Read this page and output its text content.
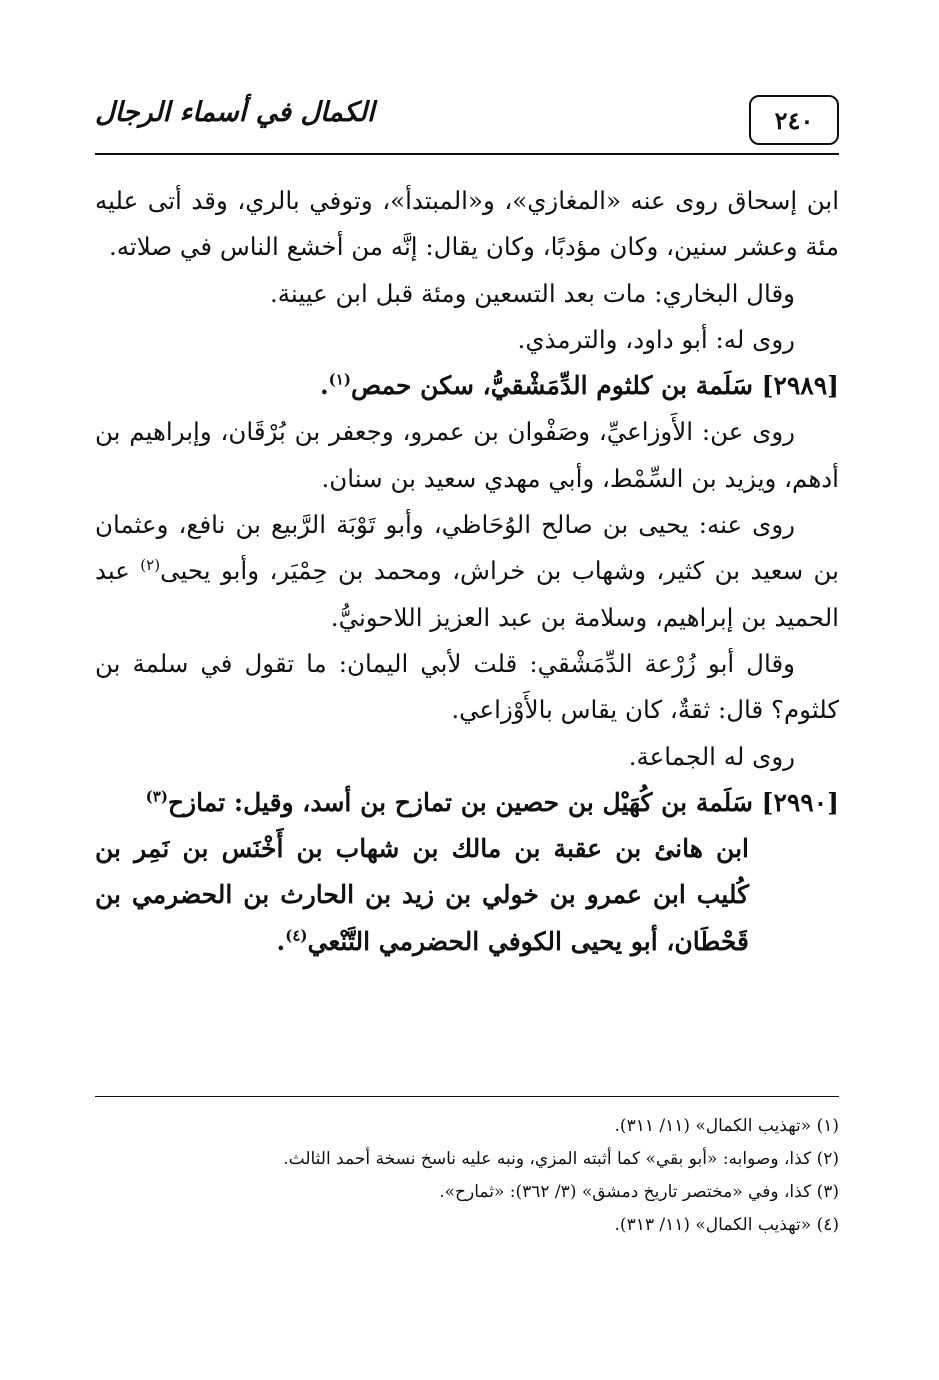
٢٤٠
الكمال في أسماء الرجال

ابن إسحاق روى عنه «المغازي»، و«المبتدأ»، وتوفي بالري، وقد أتى عليه مئة وعشر سنين، وكان مؤدبًا، وكان يقال: إنَّه من أخشع الناس في صلاته.

وقال البخاري: مات بعد التسعين ومئة قبل ابن عيينة.

روى له: أبو داود، والترمذي.

[٢٩٨٩] سَلَمة بن كلثوم الدِّمَشْقيُّ، سكن حمص$^{(١)}$.

روى عن: الأَوزاعيِّ، وصَفْوان بن عمرو، وجعفر بن بُرْقَان، وإبراهيم بن أدهم، ويزيد بن السِّمْط، وأبي مهدي سعيد بن سنان.

روى عنه: يحيى بن صالح الوُحَاظي، وأبو تَوْبَة الرَّبيع بن نافع، وعثمان بن سعيد بن كثير، وشهاب بن خراش، ومحمد بن حِمْيَر، وأبو يحيى$^{(٢)}$ عبد الحميد بن إبراهيم، وسلامة بن عبد العزيز اللاحونيُّ.

وقال أبو زُرْعة الدِّمَشْقي: قلت لأبي اليمان: ما تقول في سلمة بن كلثوم؟ قال: ثقةٌ، كان يقاس بالأَوْزاعي.

روى له الجماعة.

[٢٩٩٠] سَلَمة بن كُهَيْل بن حصين بن تمازح بن أسد، وقيل: تمازح$^{(٣)}$

ابن هانئ بن عقبة بن مالك بن شهاب بن أَخْنَس بن نَمِر بن كُليب ابن عمرو بن خولي بن زيد بن الحارث بن الحضرمي بن قَحْطَان، أبو يحيى الكوفي الحضرمي التَّنْعي$^{(٤)}$.

(١) «تهذيب الكمال» (١١/ ٣١١).

(٢) كذا، وصوابه: «أبو بقي» كما أثبته المزي، ونبه عليه ناسخ نسخة أحمد الثالث.

(٣) كذا، وفي «مختصر تاريخ دمشق» (٣/ ٣٦٢): «ثمارح».

(٤) «تهذيب الكمال» (١١/ ٣١٣).
